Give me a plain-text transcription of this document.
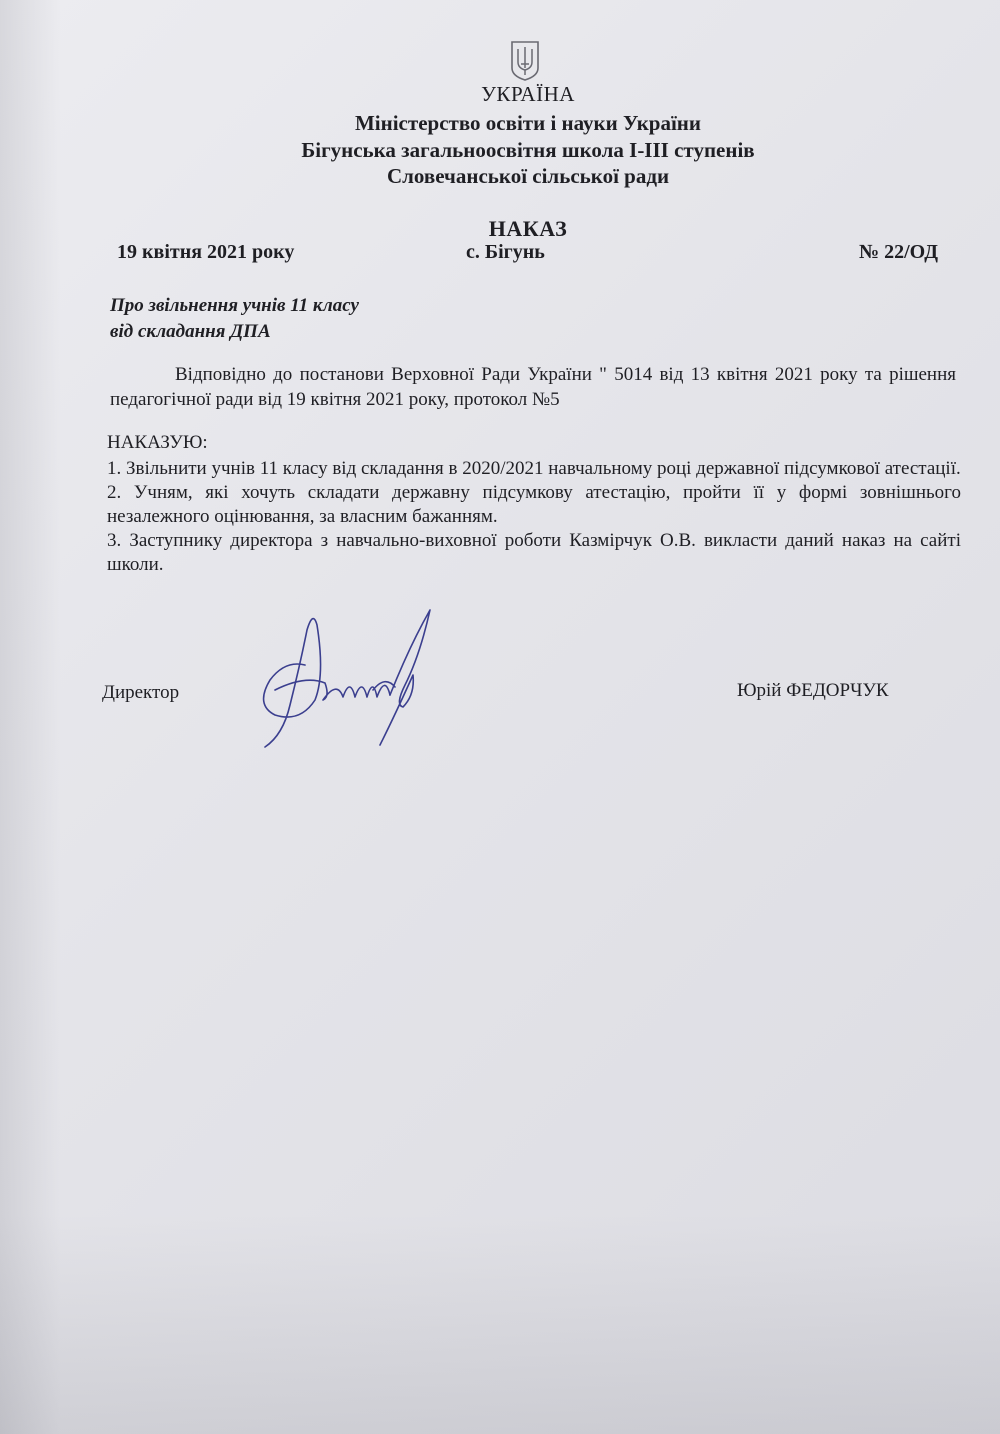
УКРАЇНА
Міністерство освіти і науки України
Бігунська загальноосвітня школа І-ІІІ ступенів
Словечанської сільської ради
НАКАЗ
19 квітня 2021 року	с. Бігунь	№ 22/ОД
Про звільнення учнів 11 класу
від складання ДПА
Відповідно до постанови Верховної Ради України " 5014 від 13 квітня 2021 року та рішення педагогічної ради від 19 квітня 2021 року, протокол №5
НАКАЗУЮ:

1. Звільнити учнів 11 класу від складання в 2020/2021 навчальному році державної підсумкової атестації.

2. Учням, які хочуть складати державну підсумкову атестацію, пройти її у формі зовнішнього незалежного оцінювання, за власним бажанням.

3. Заступнику директора з навчально-виховної роботи Казмірчук О.В. викласти даний наказ на сайті школи.

Директор	Юрій ФЕДОРЧУК
